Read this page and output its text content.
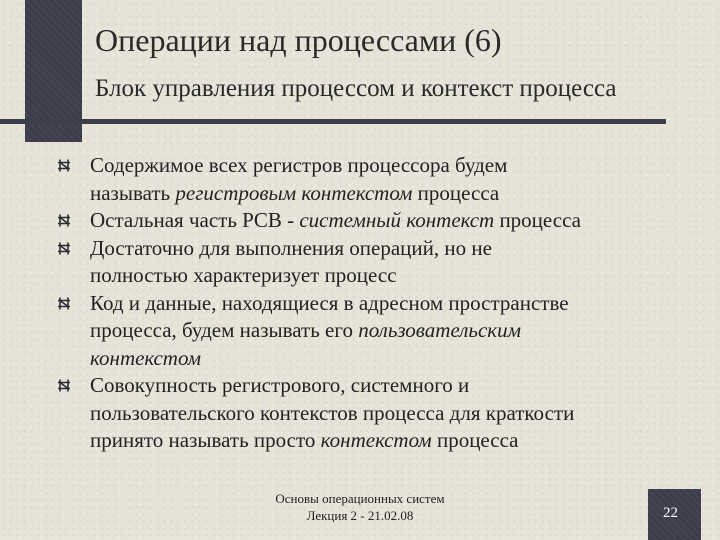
Операции над процессами (6)
Блок управления процессом и контекст процесса
Содержимое всех регистров процессора будем
называть регистровым контекстом процесса
Остальная часть PCB - системный контекст процесса
Достаточно для выполнения операций, но не
полностью характеризует процесс
Код и данные, находящиеся в адресном пространстве
процесса, будем называть его пользовательским
контекстом
Совокупность регистрового, системного и
пользовательского контекстов процесса для краткости
принято называть просто контекстом процесса
Основы операционных систем
Лекция 2 - 21.02.08	22
